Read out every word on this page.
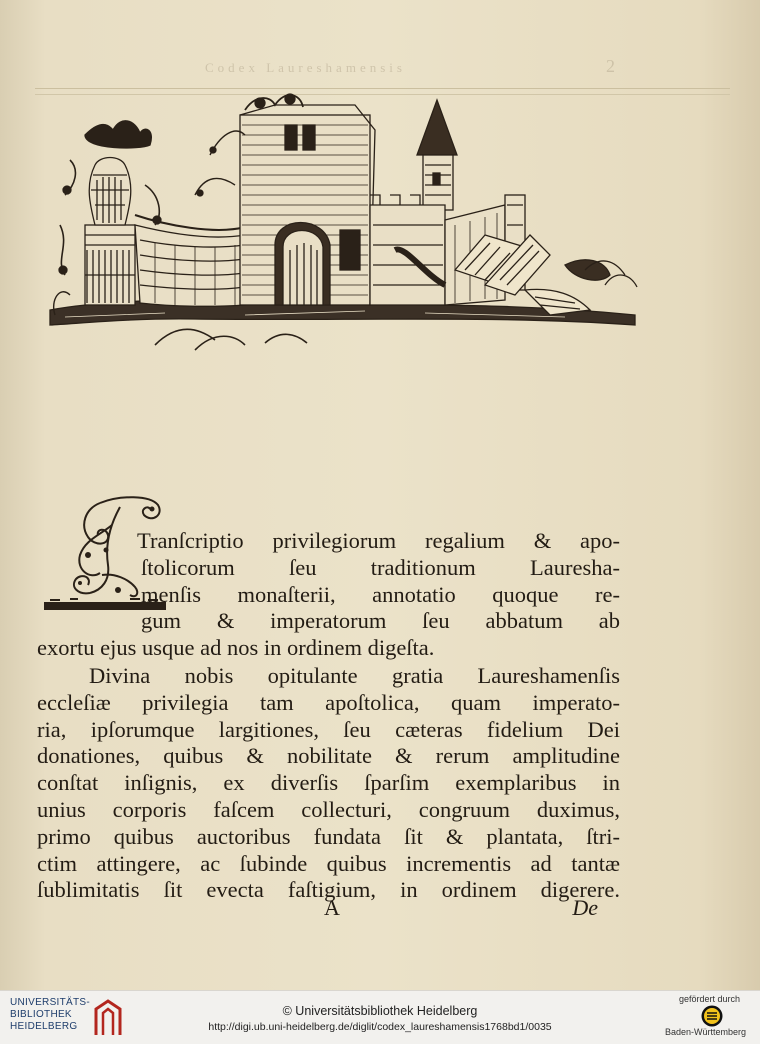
Codex Laureshamensis	2
Tranſcriptio privilegiorum regalium & apo-
ſtolicorum ſeu traditionum Lauresha-
menſis monaſterii, annotatio quoque re-
gum & imperatorum ſeu abbatum ab
exortu ejus usque ad nos in ordinem digeſta.
Divina nobis opitulante gratia Laureshamenſis
eccleſiæ privilegia tam apoſtolica, quam imperato-
ria, ipſorumque largitiones, ſeu cæteras fidelium Dei
donationes, quibus & nobilitate & rerum amplitudine
conſtat inſignis, ex diverſis ſparſim exemplaribus in
unius corporis faſcem collecturi, congruum duximus,
primo quibus auctoribus fundata ſit & plantata, ſtri-
ctim attingere, ac ſubinde quibus incrementis ad tantæ
ſublimitatis ſit evecta faſtigium, in ordinem digerere.
A	De
UNIVERSITÄTS-
BIBLIOTHEK
HEIDELBERG
© Universitätsbibliothek Heidelberg
http://digi.ub.uni-heidelberg.de/diglit/codex_laureshamensis1768bd1/0035
gefördert durch
Baden-Württemberg
